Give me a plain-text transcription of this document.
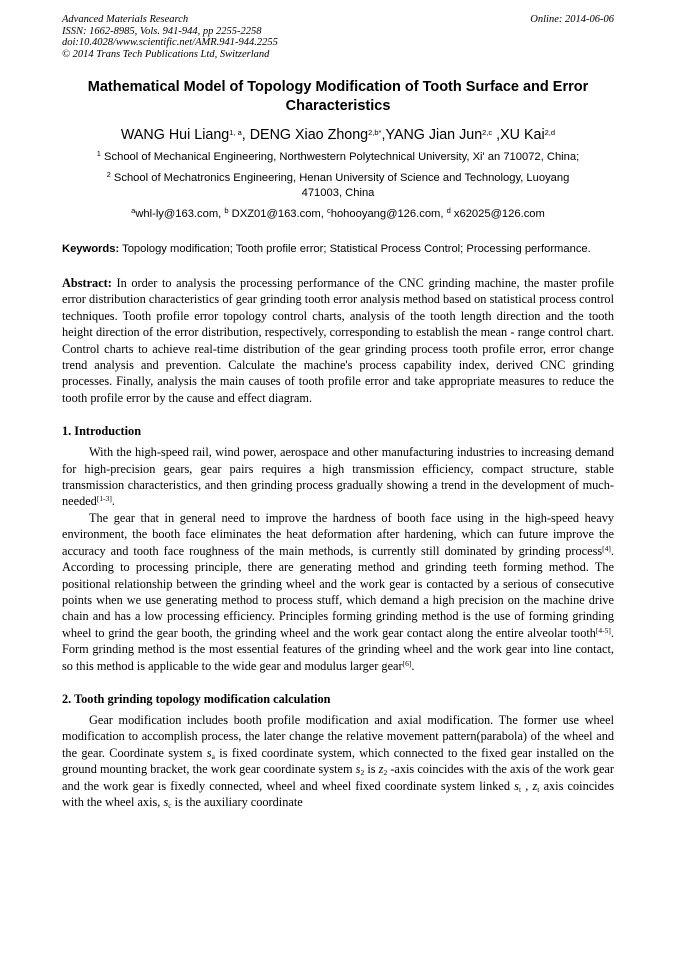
Advanced Materials Research	Online: 2014-06-06
ISSN: 1662-8985, Vols. 941-944, pp 2255-2258
doi:10.4028/www.scientific.net/AMR.941-944.2255
© 2014 Trans Tech Publications Ltd, Switzerland
Mathematical Model of Topology Modification of Tooth Surface and Error
Characteristics
WANG Hui Liang$^{1, a}$, DENG Xiao Zhong$^{2,b*}$,YANG Jian Jun$^{2,c}$ ,XU Kai$^{2,d}$
$^1$ School of Mechanical Engineering, Northwestern Polytechnical University, Xi' an 710072, China;
$^2$ School of Mechatronics Engineering, Henan University of Science and Technology, Luoyang
471003, China
$^a$whl-ly@163.com, $^b$ DXZ01@163.com, $^c$hohooyang@126.com, $^d$ x62025@126.com
Keywords: Topology modification; Tooth profile error; Statistical Process Control; Processing performance.
Abstract: In order to analysis the processing performance of the CNC grinding machine, the master profile error distribution characteristics of gear grinding tooth error analysis method based on statistical process control techniques. Tooth profile error topology control charts, analysis of the tooth length direction and the tooth height direction of the error distribution, respectively, corresponding to establish the mean - range control chart. Control charts to achieve real-time distribution of the gear grinding process tooth profile error, error change trend analysis and prevention. Calculate the machine's process capability index, derived CNC grinding processes. Finally, analysis the main causes of tooth profile error and take appropriate measures to reduce the tooth profile error by the cause and effect diagram.
1. Introduction
With the high-speed rail, wind power, aerospace and other manufacturing industries to increasing demand for high-precision gears, gear pairs requires a high transmission efficiency, compact structure, stable transmission characteristics, and then grinding process gradually showing a trend in the development of much-needed[1-3].
The gear that in general need to improve the hardness of booth face using in the high-speed heavy environment, the booth face eliminates the heat deformation after hardening, which can future improve the accuracy and tooth face roughness of the main methods, is currently still dominated by grinding process[4]. According to processing principle, there are generating method and grinding teeth forming method. The positional relationship between the grinding wheel and the work gear is contacted by a serious of consecutive points when we use generating method to process stuff, which demand a high precision on the machine drive chain and has a low processing efficiency. Principles forming grinding method is the use of forming grinding wheel to grind the gear booth, the grinding wheel and the work gear contact along the entire alveolar tooth[4-5]. Form grinding method is the most essential features of the grinding wheel and the work gear into line contact, so this method is applicable to the wide gear and modulus larger gear[6].
2. Tooth grinding topology modification calculation
Gear modification includes booth profile modification and axial modification. The former use wheel modification to accomplish process, the later change the relative movement pattern(parabola) of the wheel and the gear. Coordinate system $s_a$ is fixed coordinate system, which connected to the fixed gear installed on the ground mounting bracket, the work gear coordinate system $s_2$ is $z_2$ -axis coincides with the axis of the work gear and the work gear is fixedly connected, wheel and wheel fixed coordinate system linked $s_t$ , $z_t$ axis coincides with the wheel axis, $s_c$ is the auxiliary coordinate
